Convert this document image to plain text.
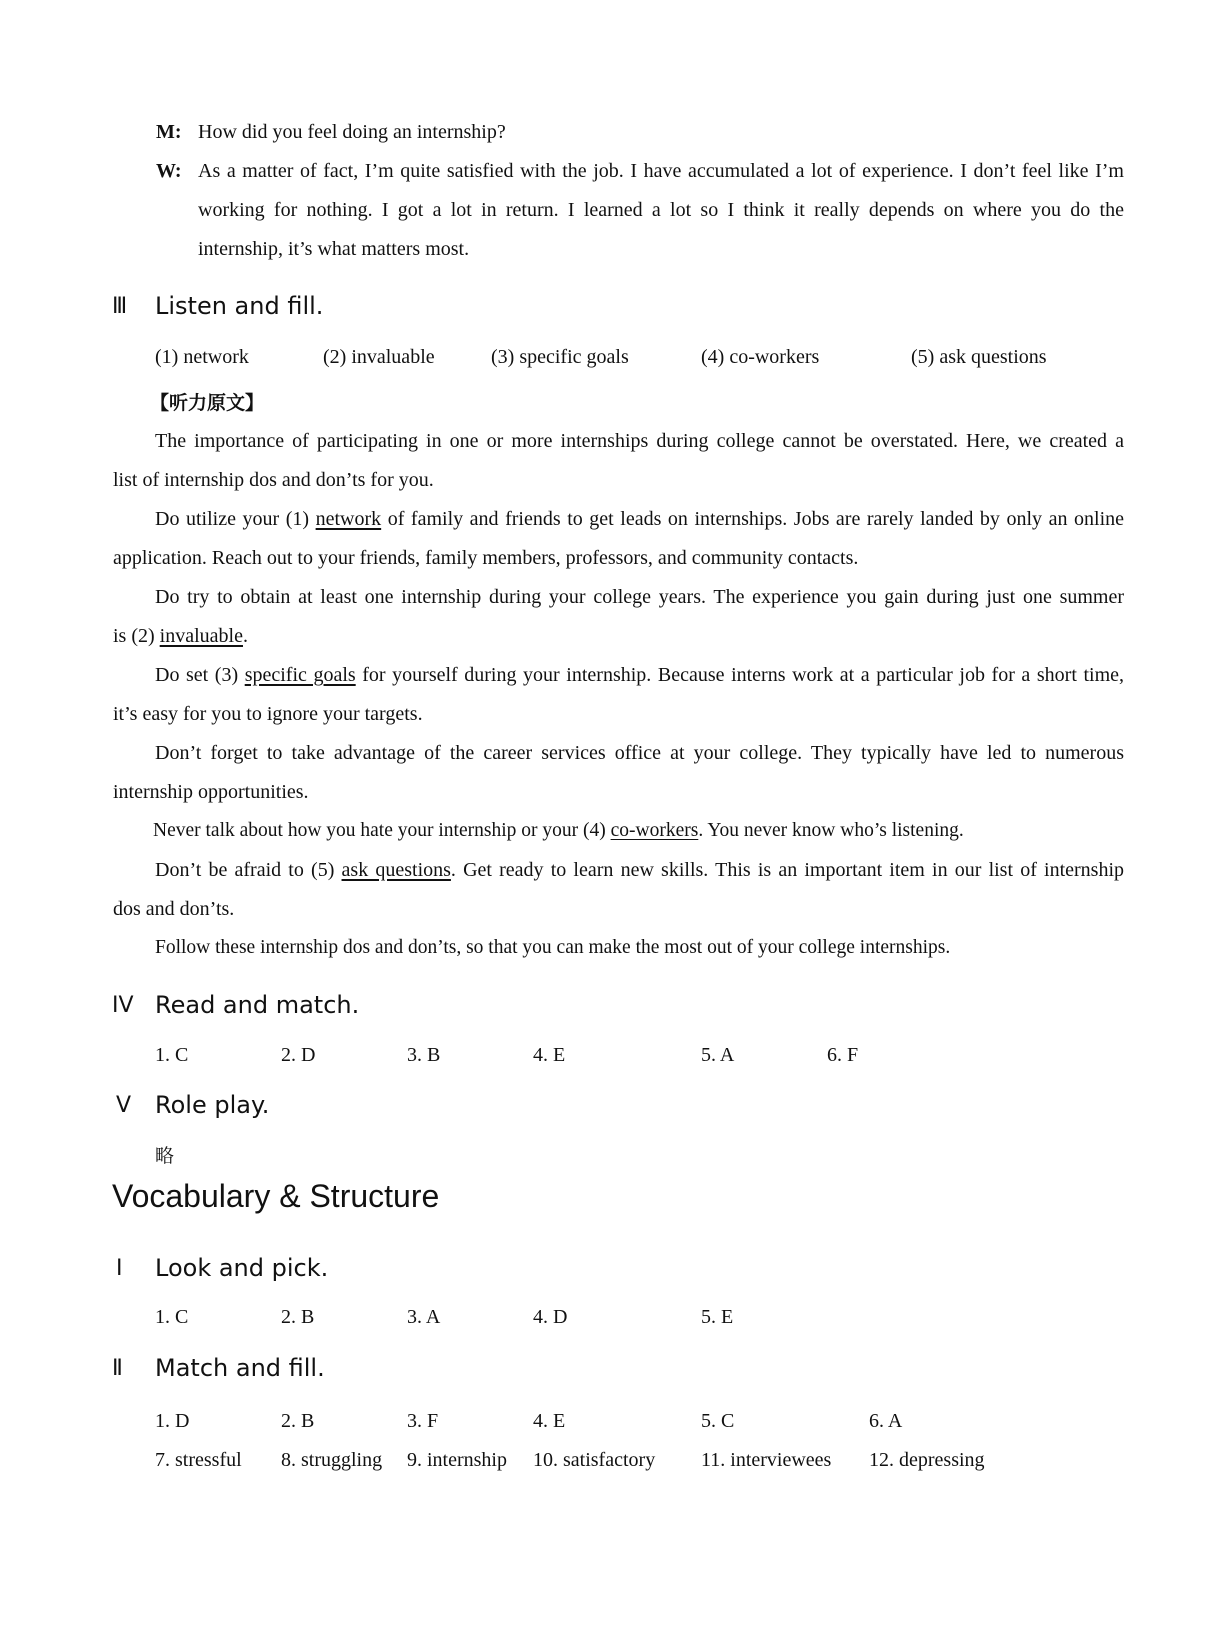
M: How did you feel doing an internship?
W: As a matter of fact, I’m quite satisfied with the job. I have accumulated a lot of experience. I don’t feel like I’m
working for nothing. I got a lot in return. I learned a lot so I think it really depends on where you do the
internship, it’s what matters most.
Ⅲ Listen and fill.
(1) network	(2) invaluable	(3) specific goals	(4) co-workers	(5) ask questions
【听力原文】
The importance of participating in one or more internships during college cannot be overstated. Here, we created a
list of internship dos and don’ts for you.
Do utilize your (1) network of family and friends to get leads on internships. Jobs are rarely landed by only an online
application. Reach out to your friends, family members, professors, and community contacts.
Do try to obtain at least one internship during your college years. The experience you gain during just one summer
is (2) invaluable.
Do set (3) specific goals for yourself during your internship. Because interns work at a particular job for a short time,
it’s easy for you to ignore your targets.
Don’t forget to take advantage of the career services office at your college. They typically have led to numerous
internship opportunities.
Never talk about how you hate your internship or your (4) co-workers. You never know who’s listening.
Don’t be afraid to (5) ask questions. Get ready to learn new skills. This is an important item in our list of internship
dos and don’ts.
Follow these internship dos and don’ts, so that you can make the most out of your college internships.
IV Read and match.
1. C	2. D	3. B	4. E	5. A	6. F
V Role play.
略
Vocabulary & Structure
Ⅰ Look and pick.
1. C	2. B	3. A	4. D	5. E
Ⅱ Match and fill.
1. D	2. B	3. F	4. E	5. C	6. A
7. stressful 8. struggling 9. internship 10. satisfactory 11. interviewees 12. depressing
